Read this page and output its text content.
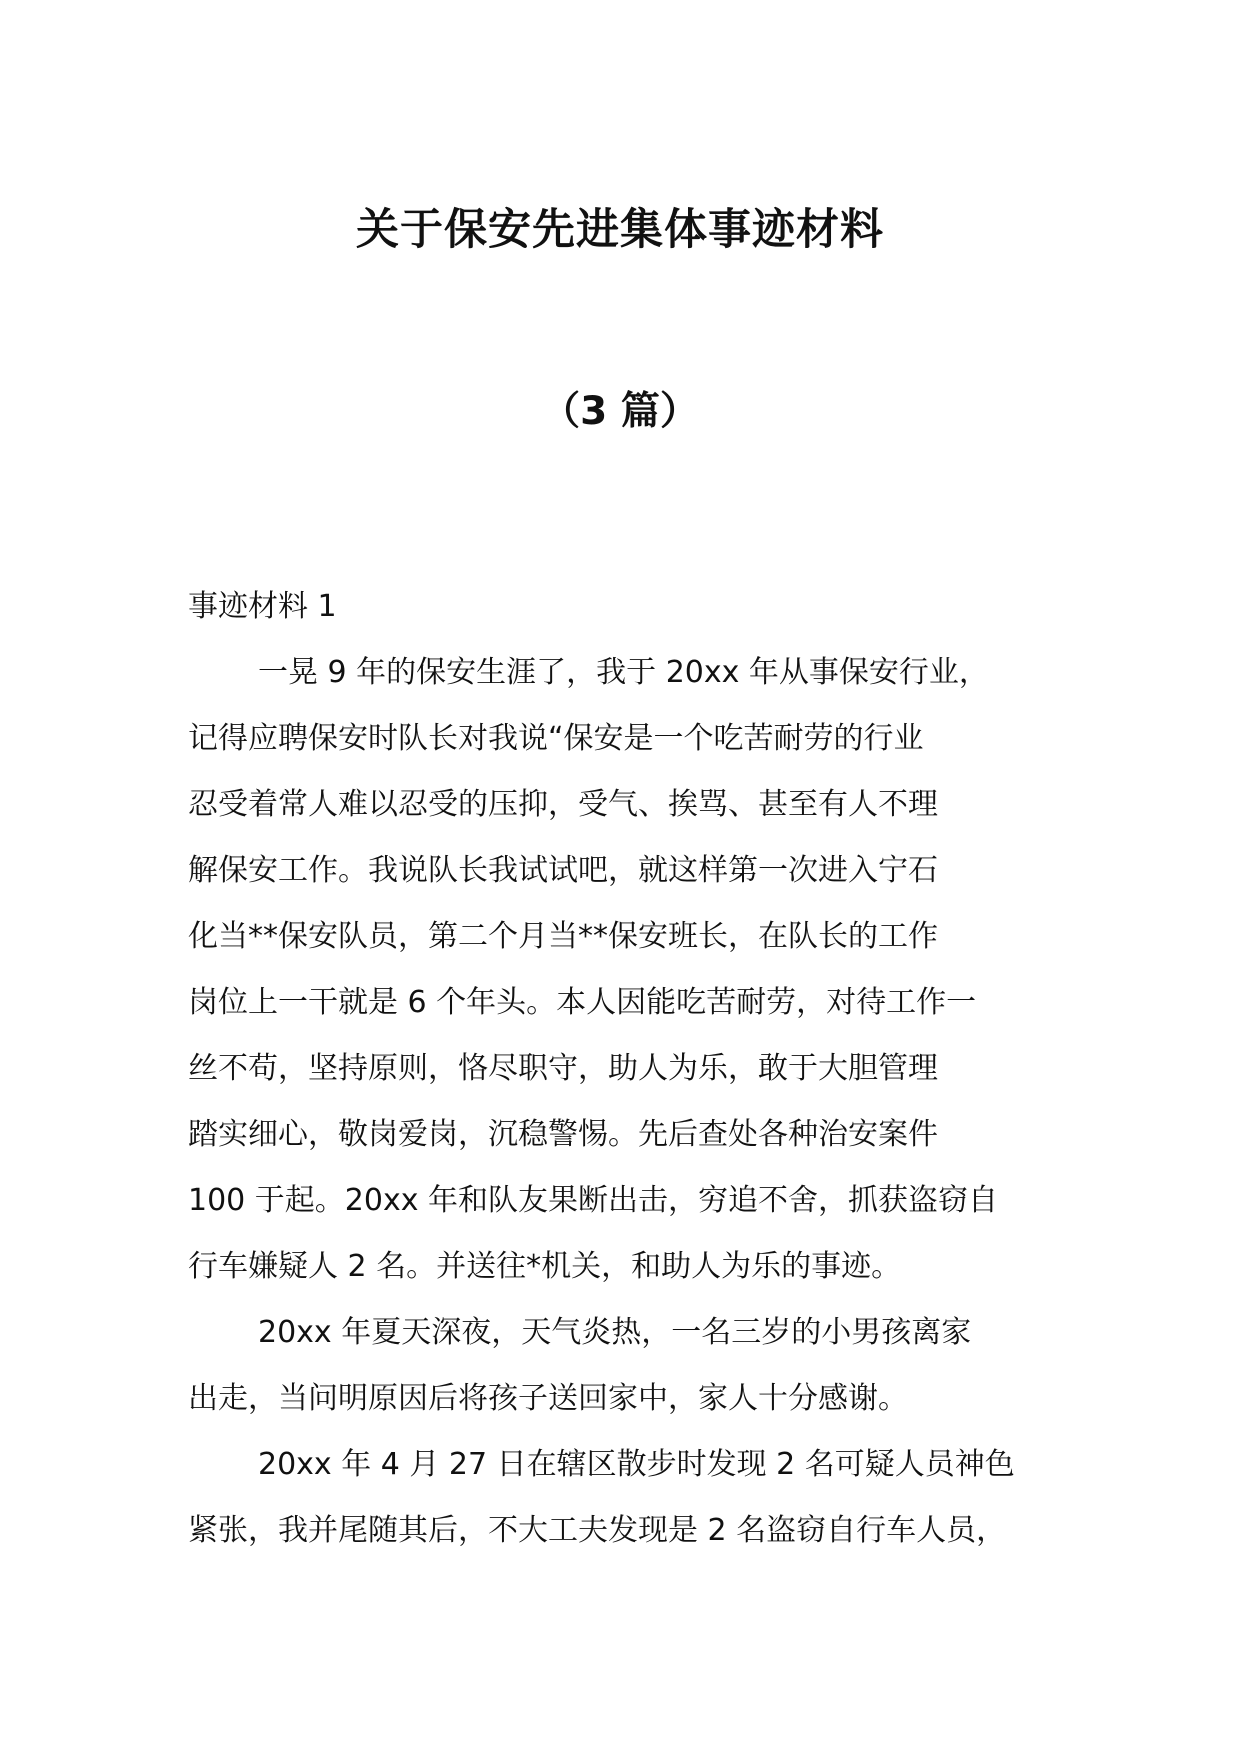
关于保安先进集体事迹材料
（3 篇）

事迹材料 1

一晃 9 年的保安生涯了，我于 20xx 年从事保安行业，
记得应聘保安时队长对我说“保安是一个吃苦耐劳的行业
忍受着常人难以忍受的压抑，受气、挨骂、甚至有人不理
解保安工作。我说队长我试试吧，就这样第一次进入宁石
化当**保安队员，第二个月当**保安班长，在队长的工作
岗位上一干就是 6 个年头。本人因能吃苦耐劳，对待工作一
丝不苟，坚持原则，恪尽职守，助人为乐，敢于大胆管理
踏实细心，敬岗爱岗，沉稳警惕。先后查处各种治安案件
100 于起。20xx 年和队友果断出击，穷追不舍，抓获盗窃自
行车嫌疑人 2 名。并送往*机关，和助人为乐的事迹。

20xx 年夏天深夜，天气炎热，一名三岁的小男孩离家
出走，当问明原因后将孩子送回家中，家人十分感谢。

20xx 年 4 月 27 日在辖区散步时发现 2 名可疑人员神色
紧张，我并尾随其后，不大工夫发现是 2 名盗窃自行车人员，
